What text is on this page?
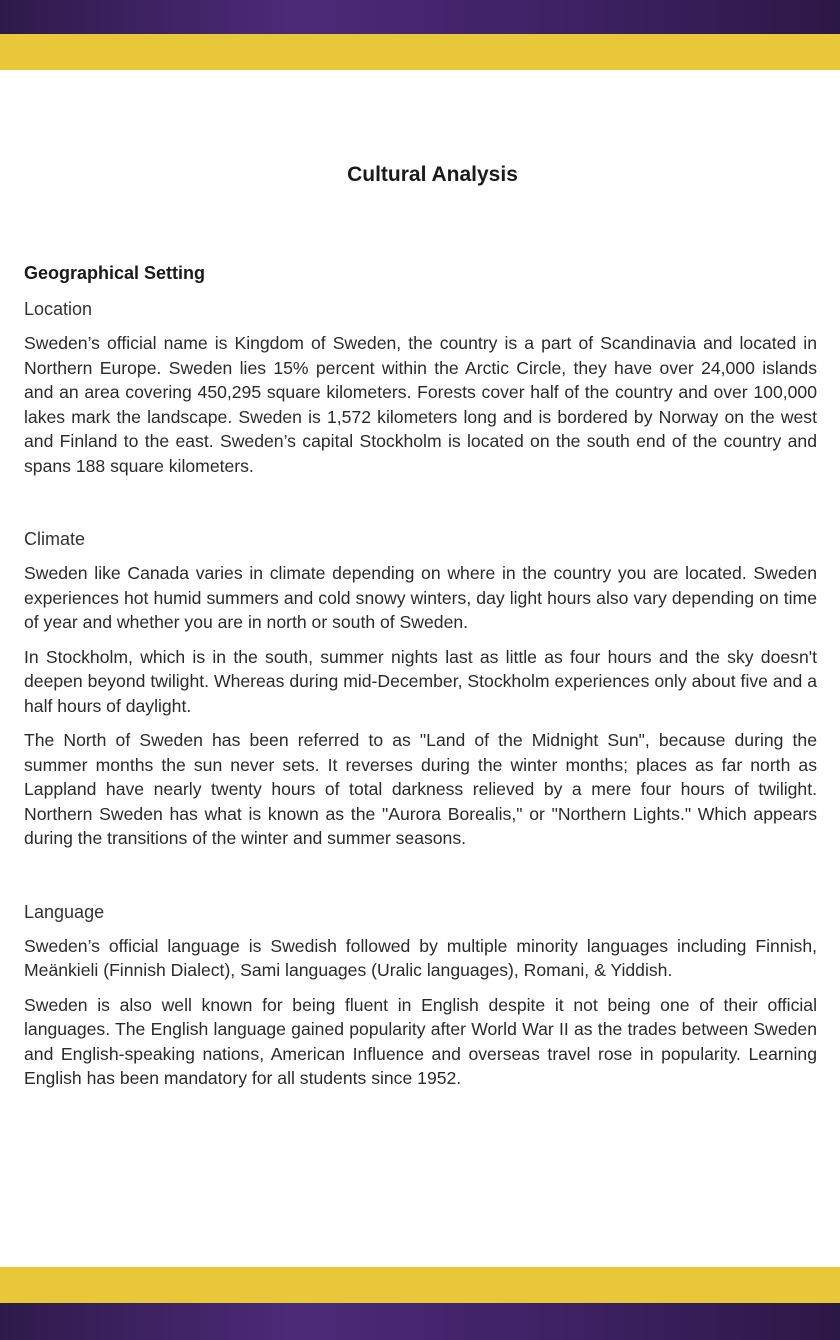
Cultural Analysis
Geographical Setting
Location

Sweden’s official name is Kingdom of Sweden, the country is a part of Scandinavia and located in Northern Europe. Sweden lies 15% percent within the Arctic Circle, they have over 24,000 islands and an area covering 450,295 square kilometers. Forests cover half of the country and over 100,000 lakes mark the landscape. Sweden is 1,572 kilometers long and is bordered by Norway on the west and Finland to the east. Sweden’s capital Stockholm is located on the south end of the country and spans 188 square kilometers.

Climate

Sweden like Canada varies in climate depending on where in the country you are located. Sweden experiences hot humid summers and cold snowy winters, day light hours also vary depending on time of year and whether you are in north or south of Sweden.

In Stockholm, which is in the south, summer nights last as little as four hours and the sky doesn't deepen beyond twilight. Whereas during mid-December, Stockholm experiences only about five and a half hours of daylight.

The North of Sweden has been referred to as "Land of the Midnight Sun", because during the summer months the sun never sets. It reverses during the winter months; places as far north as Lappland have nearly twenty hours of total darkness relieved by a mere four hours of twilight. Northern Sweden has what is known as the "Aurora Borealis," or "Northern Lights." Which appears during the transitions of the winter and summer seasons.

Language

Sweden’s official language is Swedish followed by multiple minority languages including Finnish, Meänkieli (Finnish Dialect), Sami languages (Uralic languages), Romani, & Yiddish.

Sweden is also well known for being fluent in English despite it not being one of their official languages. The English language gained popularity after World War II as the trades between Sweden and English-speaking nations, American Influence and overseas travel rose in popularity. Learning English has been mandatory for all students since 1952.
